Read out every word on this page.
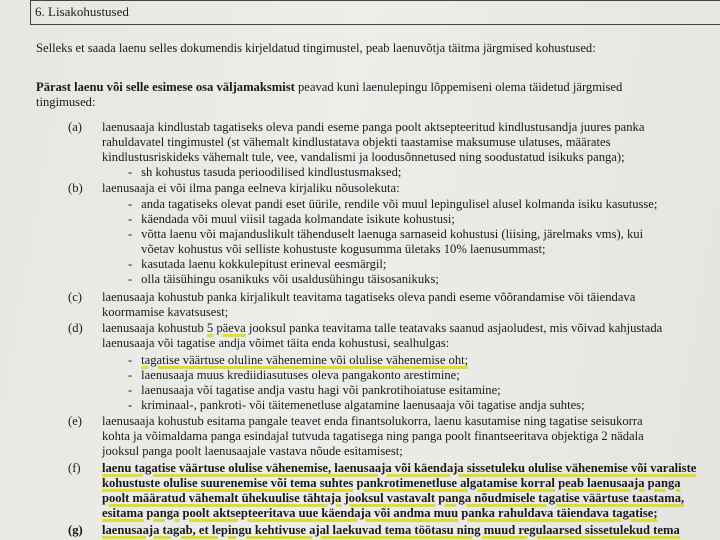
6. Lisakohustused
Selleks et saada laenu selles dokumendis kirjeldatud tingimustel, peab laenuvõtja täitma järgmised kohustused:
Pärast laenu või selle esimese osa väljamaksmist peavad kuni laenulepingu lõppemiseni olema täidetud järgmised
tingimused:
(a) laenusaaja kindlustab tagatiseks oleva pandi eseme panga poolt aktsepteeritud kindlustusandja juures panka
rahuldavatel tingimustel (st vähemalt kindlustatava objekti taastamise maksumuse ulatuses, määrates
kindlustusriskideks vähemalt tule, vee, vandalismi ja loodusõnnetused ning soodustatud isikuks panga);
- sh kohustus tasuda perioodilised kindlustusmaksed;
(b) laenusaaja ei või ilma panga eelneva kirjaliku nõusolekuta:
- anda tagatiseks olevat pandi eset üürile, rendile või muul lepingulisel alusel kolmanda isiku kasutusse;
- käendada või muul viisil tagada kolmandate isikute kohustusi;
- võtta laenu või majanduslikult tähenduselt laenuga sarnaseid kohustusi (liising, järelmaks vms), kui
võetav kohustus või selliste kohustuste kogusumma ületaks 10% laenusummast;
- kasutada laenu kokkulepitust erineval eesmärgil;
- olla täisühingu osanikuks või usaldusühingu täisosanikuks;
(c) laenusaaja kohustub panka kirjalikult teavitama tagatiseks oleva pandi eseme võõrandamise või täiendava
koormamise kavatsusest;
(d) laenusaaja kohustub 5 päeva jooksul panka teavitama talle teatavaks saanud asjaoludest, mis võivad kahjustada
laenusaaja või tagatise andja võimet täita enda kohustusi, sealhulgas:
- tagatise väärtuse oluline vähenemine või olulise vähenemise oht;
- laenusaaja muus krediidiasutuses oleva pangakonto arestimine;
- laenusaaja või tagatise andja vastu hagi või pankrotihoiatuse esitamine;
- kriminaal-, pankroti- või täitemenetluse algatamine laenusaaja või tagatise andja suhtes;
(e) laenusaaja kohustub esitama pangale teavet enda finantsolukorra, laenu kasutamise ning tagatise seisukorra
kohta ja võimaldama panga esindajal tutvuda tagatisega ning panga poolt finantseeritava objektiga 2 nädala
jooksul panga poolt laenusaajale vastava nõude esitamisest;
(f) laenu tagatise väärtuse olulise vähenemise, laenusaaja või käendaja sissetuleku olulise vähenemise või varaliste
kohustuste olulise suurenemise või tema suhtes pankrotimenetluse algatamise korral peab laenusaaja panga
poolt määratud vähemalt ühekuulise tähtaja jooksul vastavalt panga nõudmisele tagatise väärtuse taastama,
esitama panga poolt aktsepteeritava uue käendaja või andma muu panka rahuldava täiendava tagatise;
(g) laenusaaja tagab, et lepingu kehtivuse ajal laekuvad tema töötasu ning muud regulaarsed sissetulekud tema
